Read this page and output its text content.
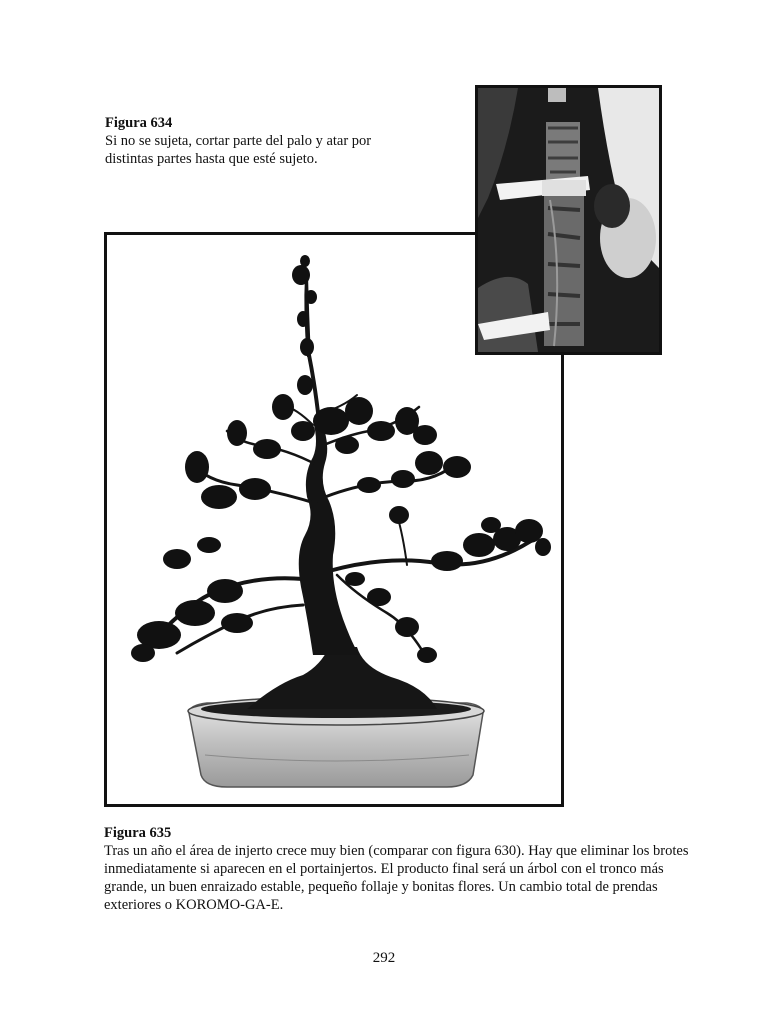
Figura 634
Si no se sujeta, cortar parte del palo y atar por distintas partes hasta que esté sujeto.
Figura 635
Tras un año el área de injerto crece muy bien (comparar con figura 630). Hay que eliminar los brotes inmediatamente si aparecen en el portainjertos. El producto final será un árbol con el tronco más grande, un buen enraizado estable, pequeño follaje y bonitas flores. Un cambio total de prendas exteriores o KOROMO-GA-E.
292
